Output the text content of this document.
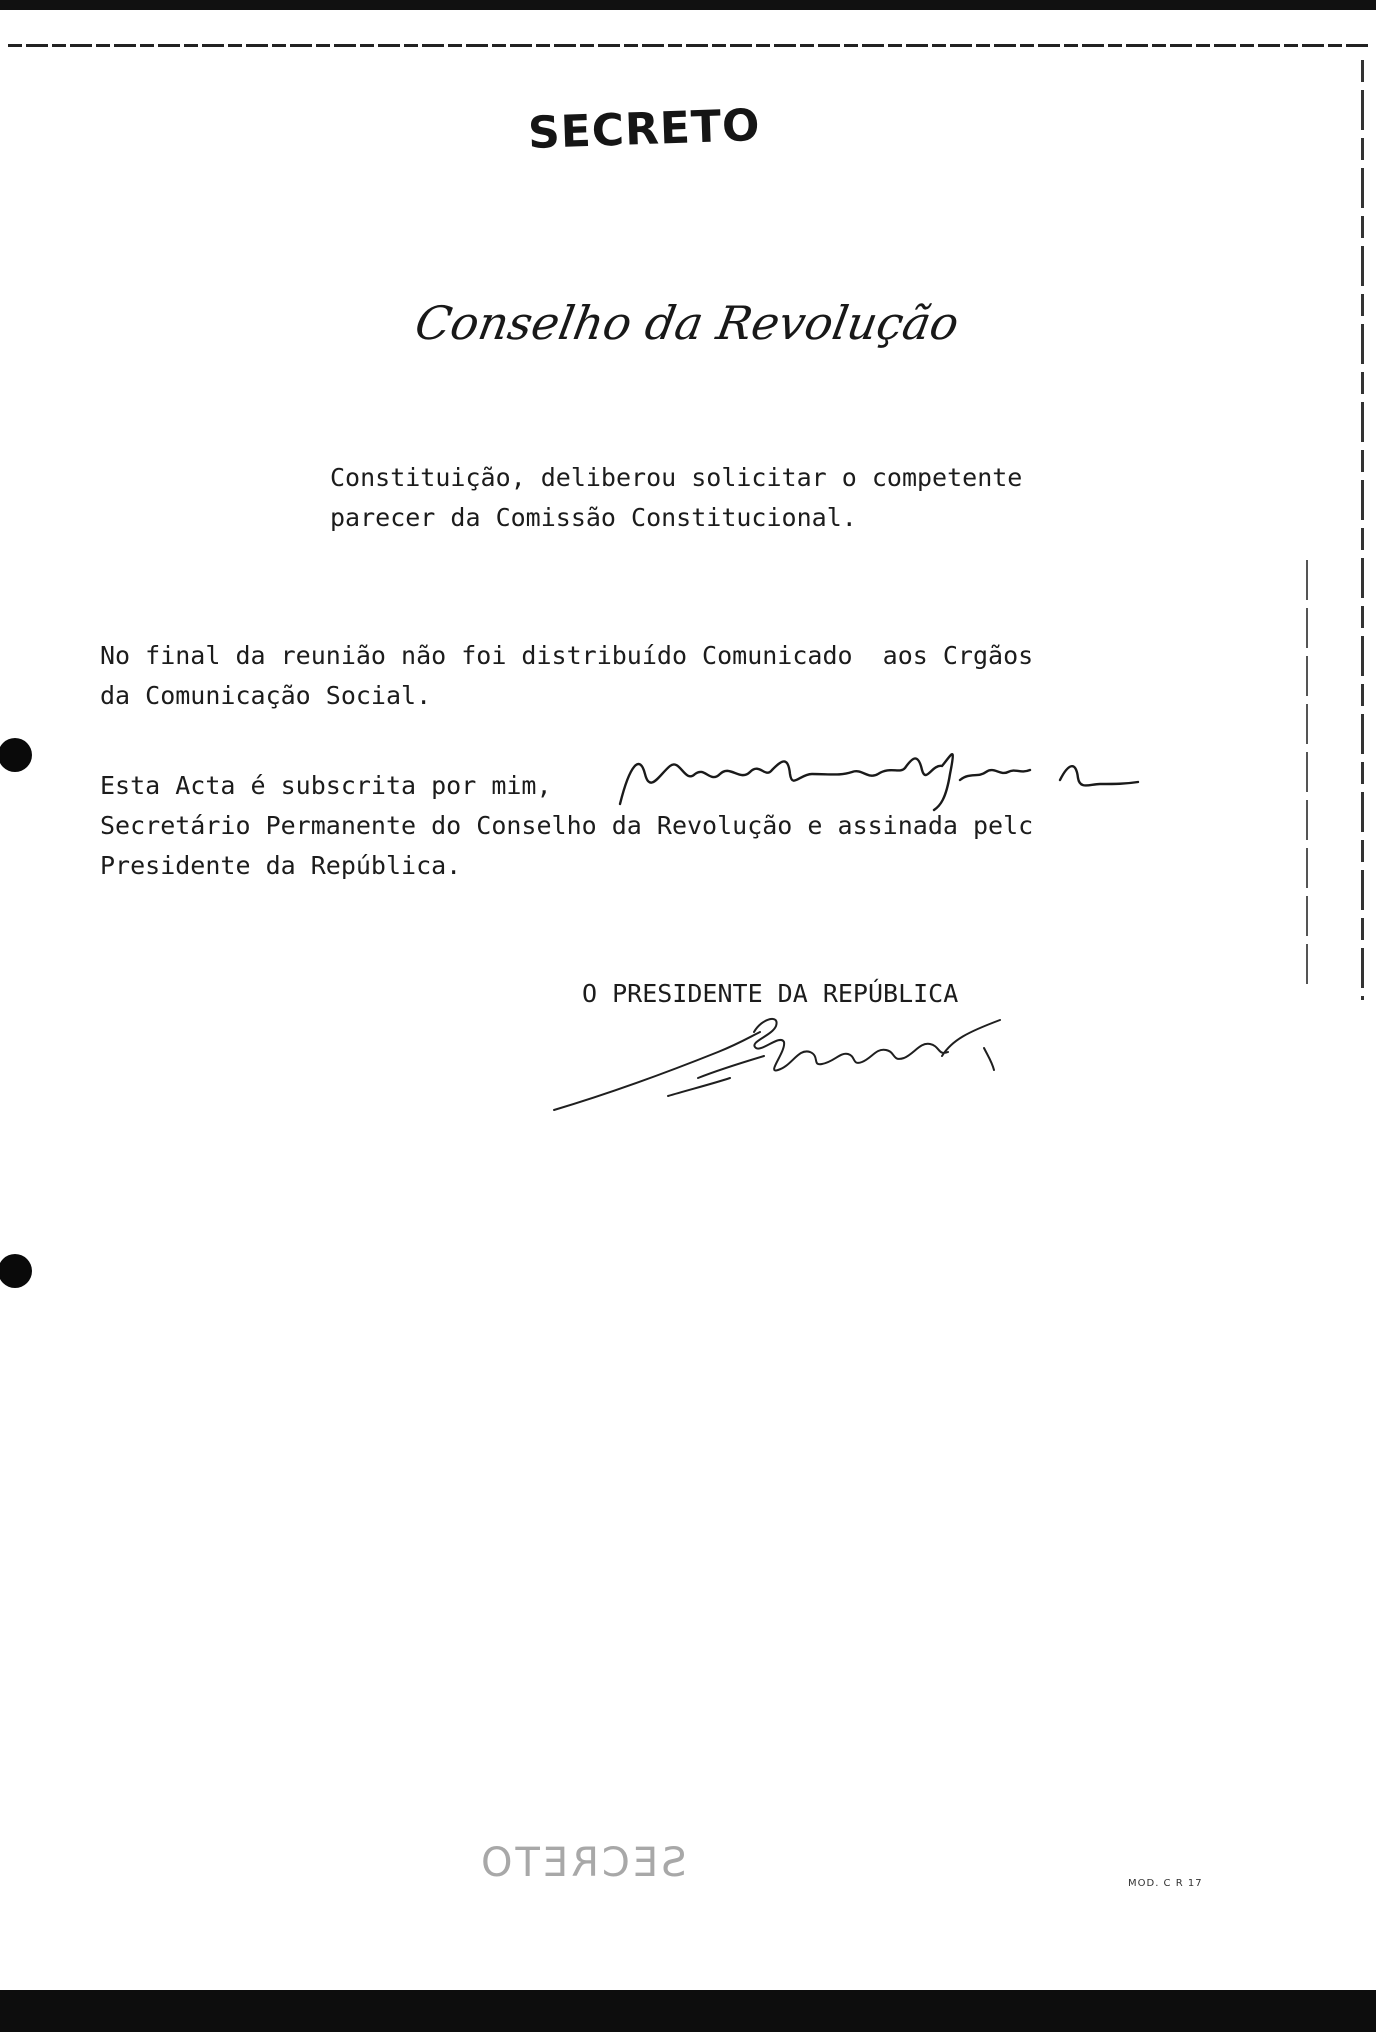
SECRETO
Conselho da Revolução
Constituição, deliberou solicitar o competente
parecer da Comissão Constitucional.
No final da reunião não foi distribuído Comunicado  aos Crgãos
da Comunicação Social.
Esta Acta é subscrita por mim,
Secretário Permanente do Conselho da Revolução e assinada pelc
Presidente da República.
O PRESIDENTE DA REPÚBLICA
SECRETO	MOD. C R 17
